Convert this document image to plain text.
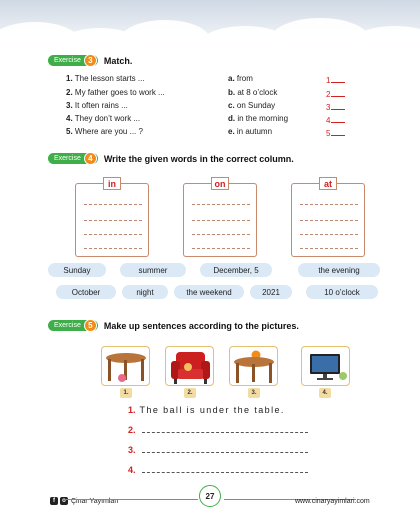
Exercise 3	Match.
1. The lesson starts ...
2. My father goes to work ...
3. It often rains ...
4. They don’t work ...
5. Where are you ... ?
a. from
b. at 8 o’clock
c. on Sunday
d. in the morning
e. in autumn
1
2
3
4
5
Exercise 4	Write the given words in the correct column.
in	on	at
Sunday	summer	December, 5	the evening
October	night	the weekend	2021	10 o’clock
Exercise 5	Make up sentences according to the pictures.
1.	2.	3.	4.
1. The ball is under the table.
2.
3.
4.
f	o Çinar Yayımları
27
www.cinaryayimlari.com
